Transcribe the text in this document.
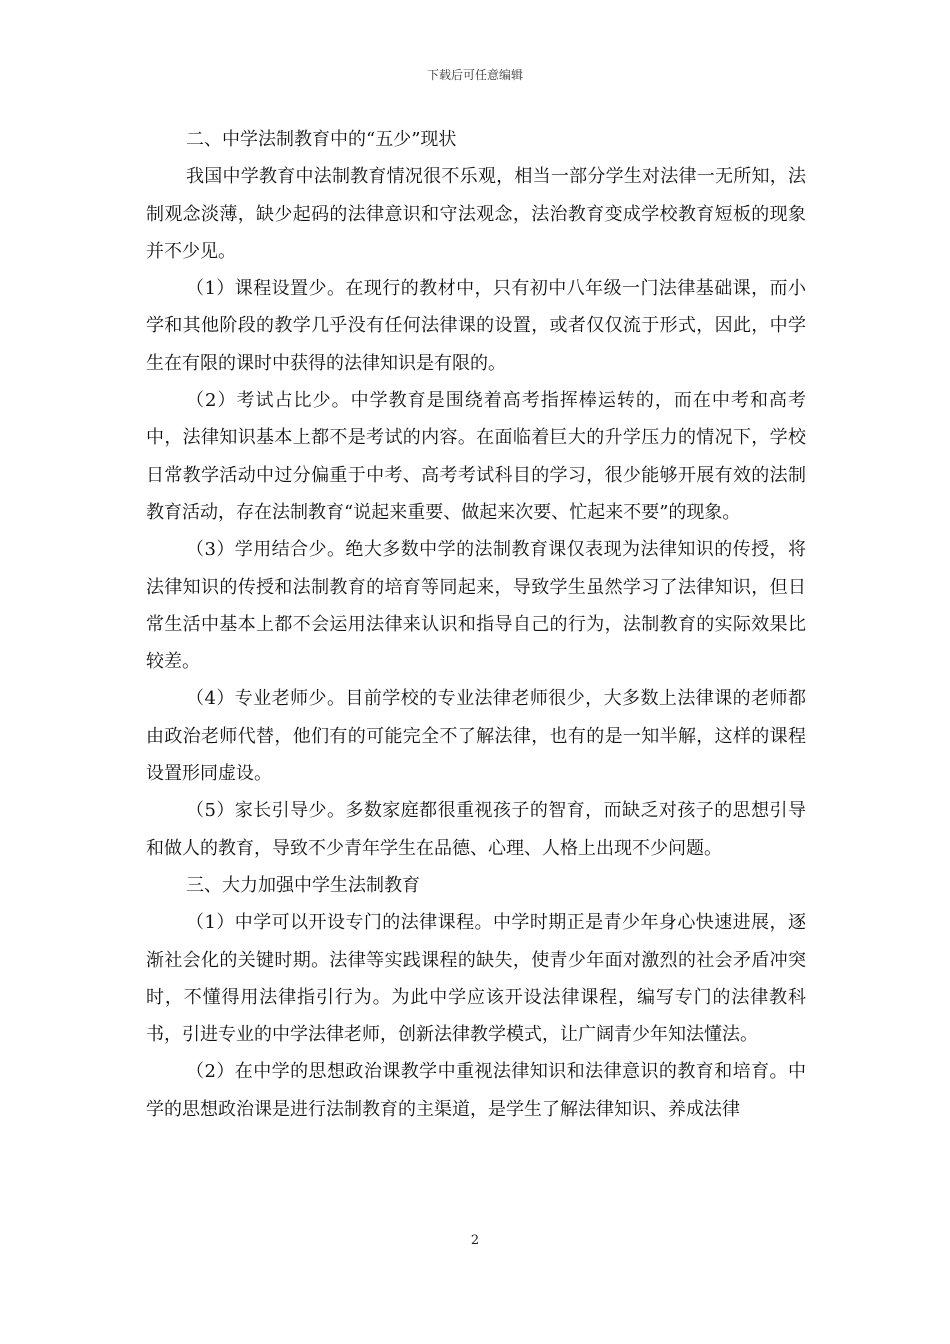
下载后可任意编辑

二、中学法制教育中的“五少”现状

我国中学教育中法制教育情况很不乐观，相当一部分学生对法律一无所知，法制观念淡薄，缺少起码的法律意识和守法观念，法治教育变成学校教育短板的现象并不少见。

（1）课程设置少。在现行的教材中，只有初中八年级一门法律基础课，而小学和其他阶段的教学几乎没有任何法律课的设置，或者仅仅流于形式，因此，中学生在有限的课时中获得的法律知识是有限的。

（2）考试占比少。中学教育是围绕着高考指挥棒运转的，而在中考和高考中，法律知识基本上都不是考试的内容。在面临着巨大的升学压力的情况下，学校日常教学活动中过分偏重于中考、高考考试科目的学习，很少能够开展有效的法制教育活动，存在法制教育“说起来重要、做起来次要、忙起来不要”的现象。

（3）学用结合少。绝大多数中学的法制教育课仅表现为法律知识的传授，将法律知识的传授和法制教育的培育等同起来，导致学生虽然学习了法律知识，但日常生活中基本上都不会运用法律来认识和指导自己的行为，法制教育的实际效果比较差。

（4）专业老师少。目前学校的专业法律老师很少，大多数上法律课的老师都由政治老师代替，他们有的可能完全不了解法律，也有的是一知半解，这样的课程设置形同虚设。

（5）家长引导少。多数家庭都很重视孩子的智育，而缺乏对孩子的思想引导和做人的教育，导致不少青年学生在品德、心理、人格上出现不少问题。

三、大力加强中学生法制教育

（1）中学可以开设专门的法律课程。中学时期正是青少年身心快速进展，逐渐社会化的关键时期。法律等实践课程的缺失，使青少年面对激烈的社会矛盾冲突时，不懂得用法律指引行为。为此中学应该开设法律课程，编写专门的法律教科书，引进专业的中学法律老师，创新法律教学模式，让广阔青少年知法懂法。

（2）在中学的思想政治课教学中重视法律知识和法律意识的教育和培育。中学的思想政治课是进行法制教育的主渠道，是学生了解法律知识、养成法律

2
